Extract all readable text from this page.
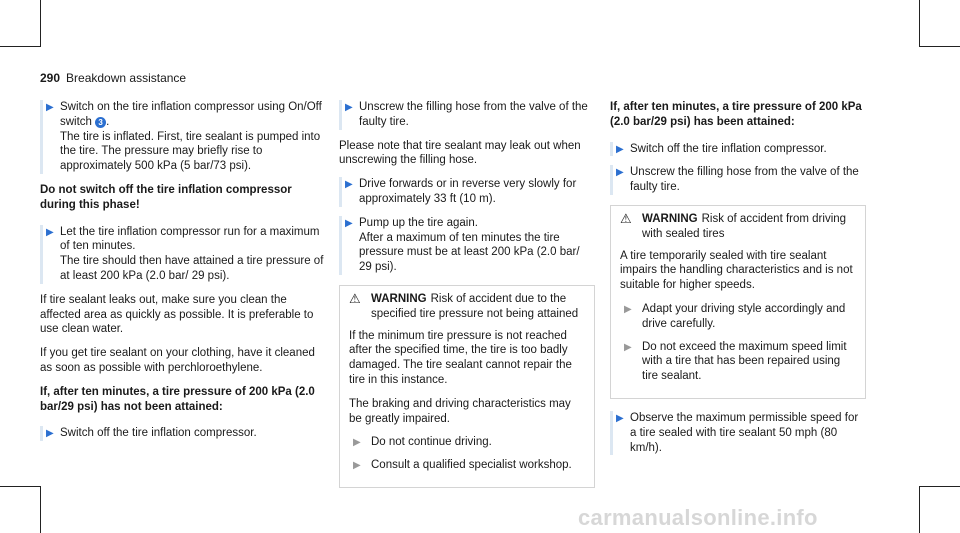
290 Breakdown assistance
▶ Switch on the tire inflation compressor using On/Off switch 3 .
The tire is inflated. First, tire sealant is pumped into the tire. The pressure may briefly rise to approximately 500 kPa (5 bar/73 psi).

Do not switch off the tire inflation compressor during this phase!

▶ Let the tire inflation compressor run for a maximum of ten minutes.
The tire should then have attained a tire pressure of at least 200 kPa (2.0 bar/ 29 psi).

If tire sealant leaks out, make sure you clean the affected area as quickly as possible. It is preferable to use clean water.

If you get tire sealant on your clothing, have it cleaned as soon as possible with perchloroethylene.

If, after ten minutes, a tire pressure of 200 kPa (2.0 bar/29 psi) has not been attained:

▶ Switch off the tire inflation compressor.
▶ Unscrew the filling hose from the valve of the faulty tire.

Please note that tire sealant may leak out when unscrewing the filling hose.

▶ Drive forwards or in reverse very slowly for approximately 33 ft (10 m).
▶ Pump up the tire again.
After a maximum of ten minutes the tire pressure must be at least 200 kPa (2.0 bar/ 29 psi).
⚠ WARNING Risk of accident due to the specified tire pressure not being attained

If the minimum tire pressure is not reached after the specified time, the tire is too badly damaged. The tire sealant cannot repair the tire in this instance.

The braking and driving characteristics may be greatly impaired.

▶ Do not continue driving.
▶ Consult a qualified specialist workshop.

If, after ten minutes, a tire pressure of 200 kPa (2.0 bar/29 psi) has been attained:

▶ Switch off the tire inflation compressor.
▶ Unscrew the filling hose from the valve of the faulty tire.
⚠ WARNING Risk of accident from driving with sealed tires

A tire temporarily sealed with tire sealant impairs the handling characteristics and is not suitable for higher speeds.

▶ Adapt your driving style accordingly and drive carefully.
▶ Do not exceed the maximum speed limit with a tire that has been repaired using tire sealant.
▶ Observe the maximum permissible speed for a tire sealed with tire sealant 50 mph (80 km/h).
carmanualsonline.info
